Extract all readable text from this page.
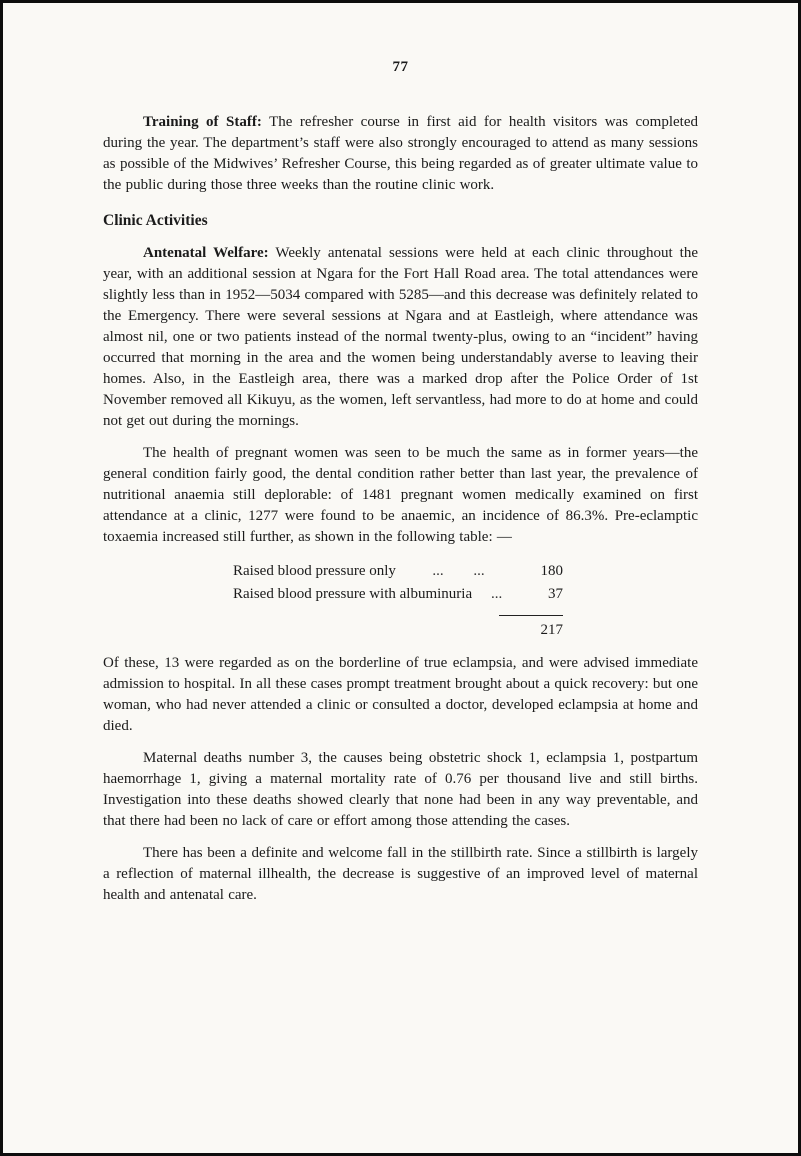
77

Training of Staff: The refresher course in first aid for health visitors was completed during the year. The department’s staff were also strongly encouraged to attend as many sessions as possible of the Midwives’ Refresher Course, this being regarded as of greater ultimate value to the public during those three weeks than the routine clinic work.

Clinic Activities

Antenatal Welfare: Weekly antenatal sessions were held at each clinic throughout the year, with an additional session at Ngara for the Fort Hall Road area. The total attendances were slightly less than in 1952—5034 compared with 5285—and this decrease was definitely related to the Emergency. There were several sessions at Ngara and at Eastleigh, where attendance was almost nil, one or two patients instead of the normal twenty-plus, owing to an “incident” having occurred that morning in the area and the women being understandably averse to leaving their homes. Also, in the Eastleigh area, there was a marked drop after the Police Order of 1st November removed all Kikuyu, as the women, left servantless, had more to do at home and could not get out during the mornings.

The health of pregnant women was seen to be much the same as in former years—the general condition fairly good, the dental condition rather better than last year, the prevalence of nutritional anaemia still deplorable: of 1481 pregnant women medically examined on first attendance at a clinic, 1277 were found to be anaemic, an incidence of 86.3%. Pre-eclamptic toxaemia increased still further, as shown in the following table: —

Raised blood pressure only	... ...	180
Raised blood pressure with albuminuria	...	37
217

Of these, 13 were regarded as on the borderline of true eclampsia, and were advised immediate admission to hospital. In all these cases prompt treatment brought about a quick recovery: but one woman, who had never attended a clinic or consulted a doctor, developed eclampsia at home and died.

Maternal deaths number 3, the causes being obstetric shock 1, eclampsia 1, postpartum haemorrhage 1, giving a maternal mortality rate of 0.76 per thousand live and still births. Investigation into these deaths showed clearly that none had been in any way preventable, and that there had been no lack of care or effort among those attending the cases.

There has been a definite and welcome fall in the stillbirth rate. Since a stillbirth is largely a reflection of maternal illhealth, the decrease is suggestive of an improved level of maternal health and antenatal care.
